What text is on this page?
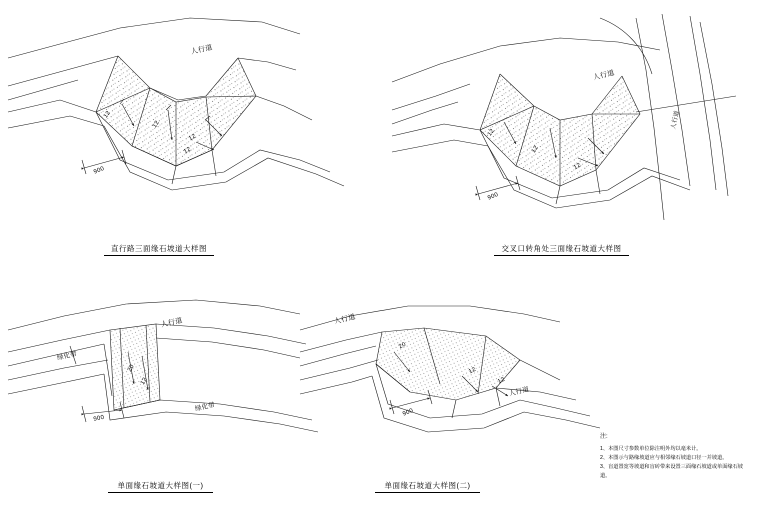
人行道
12
12
12
12
900
人行道
人行道
12
12
12
900
人行道
绿化带
绿化带
20
12
900
人行道
人行道
20
12
12
900
直行路三面缘石坡道大样图	交叉口转角处三面缘石坡道大样图
单面缘石坡道大样图(一)	单面缘石坡道大样图(二)
注:

1、本图尺寸参数单位除注明外均以毫米计。

2、本图示与路缘坡道应与相邻缘石坡道口径一并坡道。

3、盲道置宽等坡道和盲砖带来设置三面缘石坡道或单面缘石坡道。
